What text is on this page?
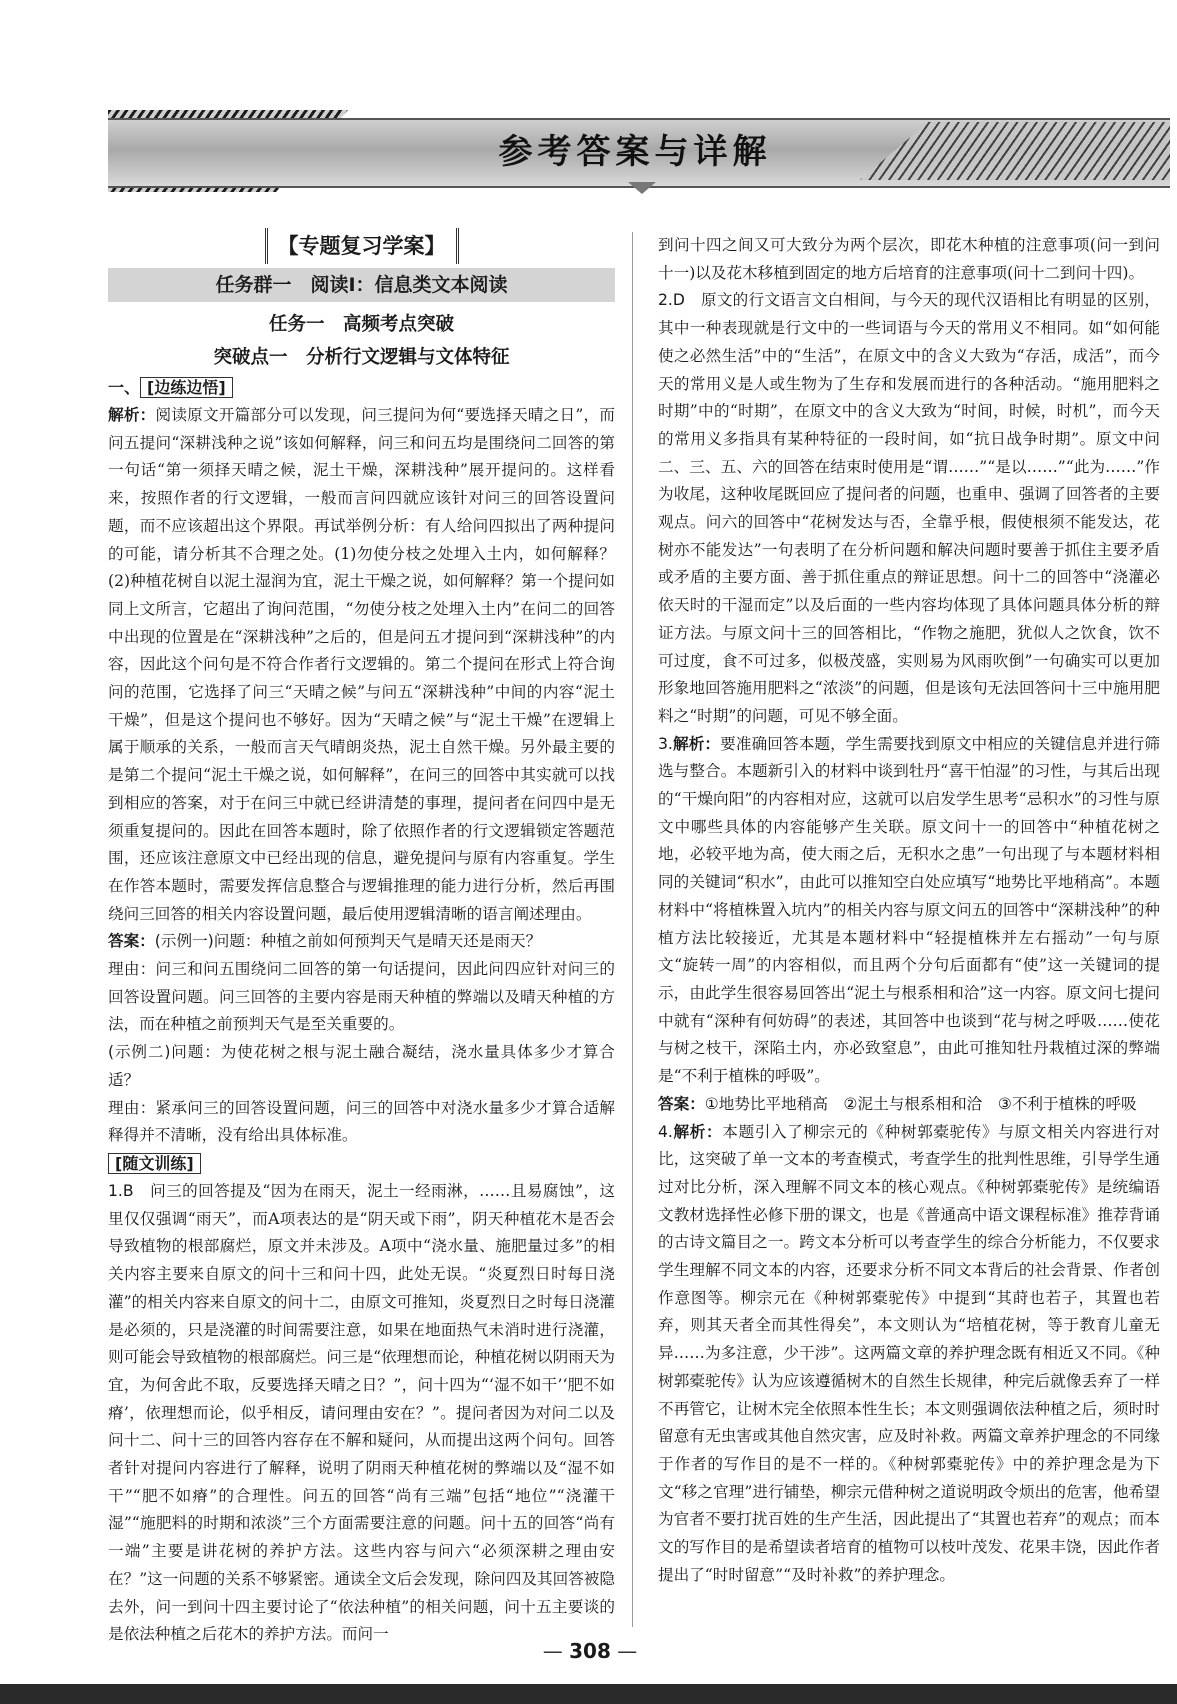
参考答案与详解
【专题复习学案】
任务群一　阅读Ⅰ：信息类文本阅读
任务一　高频考点突破
突破点一　分析行文逻辑与文体特征
一、 [边练边悟]

解析：阅读原文开篇部分可以发现，问三提问为何“要选择天晴之日”，而问五提问“深耕浅种之说”该如何解释，问三和问五均是围绕问二回答的第一句话“第一须择天晴之候，泥土干燥，深耕浅种”展开提问的。这样看来，按照作者的行文逻辑，一般而言问四就应该针对问三的回答设置问题，而不应该超出这个界限。再试举例分析：有人给问四拟出了两种提问的可能，请分析其不合理之处。(1)勿使分枝之处埋入土内，如何解释？(2)种植花树自以泥土湿润为宜，泥土干燥之说，如何解释？第一个提问如同上文所言，它超出了询问范围，“勿使分枝之处埋入土内”在问二的回答中出现的位置是在“深耕浅种”之后的，但是问五才提问到“深耕浅种”的内容，因此这个问句是不符合作者行文逻辑的。第二个提问在形式上符合询问的范围，它选择了问三“天晴之候”与问五“深耕浅种”中间的内容“泥土干燥”，但是这个提问也不够好。因为“天晴之候”与“泥土干燥”在逻辑上属于顺承的关系，一般而言天气晴朗炎热，泥土自然干燥。另外最主要的是第二个提问“泥土干燥之说，如何解释”，在问三的回答中其实就可以找到相应的答案，对于在问三中就已经讲清楚的事理，提问者在问四中是无须重复提问的。因此在回答本题时，除了依照作者的行文逻辑锁定答题范围，还应该注意原文中已经出现的信息，避免提问与原有内容重复。学生在作答本题时，需要发挥信息整合与逻辑推理的能力进行分析，然后再围绕问三回答的相关内容设置问题，最后使用逻辑清晰的语言阐述理由。

答案：(示例一)问题：种植之前如何预判天气是晴天还是雨天？

理由：问三和问五围绕问二回答的第一句话提问，因此问四应针对问三的回答设置问题。问三回答的主要内容是雨天种植的弊端以及晴天种植的方法，而在种植之前预判天气是至关重要的。

(示例二)问题：为使花树之根与泥土融合凝结，浇水量具体多少才算合适？

理由：紧承问三的回答设置问题，问三的回答中对浇水量多少才算合适解释得并不清晰，没有给出具体标准。

[随文训练]

1.B　 问三的回答提及“因为在雨天，泥土一经雨淋，……且易腐蚀”，这里仅仅强调“雨天”，而A项表达的是“阴天或下雨”，阴天种植花木是否会导致植物的根部腐烂，原文并未涉及。A项中“浇水量、施肥量过多”的相关内容主要来自原文的问十三和问十四，此处无误。“炎夏烈日时每日浇灌”的相关内容来自原文的问十二，由原文可推知，炎夏烈日之时每日浇灌是必须的，只是浇灌的时间需要注意，如果在地面热气未消时进行浇灌，则可能会导致植物的根部腐烂。问三是“依理想而论，种植花树以阴雨天为宜，为何舍此不取，反要选择天晴之日？”，问十四为“‘湿不如干’‘肥不如瘠’，依理想而论，似乎相反，请问理由安在？”。提问者因为对问二以及问十二、问十三的回答内容存在不解和疑问，从而提出这两个问句。回答者针对提问内容进行了解释，说明了阴雨天种植花树的弊端以及“湿不如干”“肥不如瘠”的合理性。问五的回答“尚有三端”包括“地位”“浇灌干湿”“施肥料的时期和浓淡”三个方面需要注意的问题。问十五的回答“尚有一端”主要是讲花树的养护方法。这些内容与问六“必须深耕之理由安在？”这一问题的关系不够紧密。通读全文后会发现，除问四及其回答被隐去外，问一到问十四主要讨论了“依法种植”的相关问题，问十五主要谈的是依法种植之后花木的养护方法。而问一

到问十四之间又可大致分为两个层次，即花木种植的注意事项(问一到问十一)以及花木移植到固定的地方后培育的注意事项(问十二到问十四)。

2.D　 原文的行文语言文白相间，与今天的现代汉语相比有明显的区别，其中一种表现就是行文中的一些词语与今天的常用义不相同。如“如何能使之必然生活”中的“生活”，在原文中的含义大致为“存活，成活”，而今天的常用义是人或生物为了生存和发展而进行的各种活动。“施用肥料之时期”中的“时期”，在原文中的含义大致为“时间，时候，时机”，而今天的常用义多指具有某种特征的一段时间，如“抗日战争时期”。原文中问二、三、五、六的回答在结束时使用是“谓……”“是以……”“此为……”作为收尾，这种收尾既回应了提问者的问题，也重申、强调了回答者的主要观点。问六的回答中“花树发达与否，全靠乎根，假使根须不能发达，花树亦不能发达”一句表明了在分析问题和解决问题时要善于抓住主要矛盾或矛盾的主要方面、善于抓住重点的辩证思想。问十二的回答中“浇灌必依天时的干湿而定”以及后面的一些内容均体现了具体问题具体分析的辩证方法。与原文问十三的回答相比，“作物之施肥，犹似人之饮食，饮不可过度，食不可过多，似极茂盛，实则易为风雨吹倒”一句确实可以更加形象地回答施用肥料之“浓淡”的问题，但是该句无法回答问十三中施用肥料之“时期”的问题，可见不够全面。

3.解析：要准确回答本题，学生需要找到原文中相应的关键信息并进行筛选与整合。本题新引入的材料中谈到牡丹“喜干怕湿”的习性，与其后出现的“干燥向阳”的内容相对应，这就可以启发学生思考“忌积水”的习性与原文中哪些具体的内容能够产生关联。原文问十一的回答中“种植花树之地，必较平地为高，使大雨之后，无积水之患”一句出现了与本题材料相同的关键词“积水”，由此可以推知空白处应填写“地势比平地稍高”。本题材料中“将植株置入坑内”的相关内容与原文问五的回答中“深耕浅种”的种植方法比较接近，尤其是本题材料中“轻提植株并左右摇动”一句与原文“旋转一周”的内容相似，而且两个分句后面都有“使”这一关键词的提示，由此学生很容易回答出“泥土与根系相和洽”这一内容。原文问七提问中就有“深种有何妨碍”的表述，其回答中也谈到“花与树之呼吸……使花与树之枝干，深陷土内，亦必致窒息”，由此可推知牡丹栽植过深的弊端是“不利于植株的呼吸”。

答案：①地势比平地稍高　②泥土与根系相和洽　③不利于植株的呼吸

4.解析：本题引入了柳宗元的《种树郭橐驼传》与原文相关内容进行对比，这突破了单一文本的考查模式，考查学生的批判性思维，引导学生通过对比分析，深入理解不同文本的核心观点。《种树郭橐驼传》是统编语文教材选择性必修下册的课文，也是《普通高中语文课程标准》推荐背诵的古诗文篇目之一。跨文本分析可以考查学生的综合分析能力，不仅要求学生理解不同文本的内容，还要求分析不同文本背后的社会背景、作者创作意图等。柳宗元在《种树郭橐驼传》中提到“其莳也若子，其置也若弃，则其天者全而其性得矣”，本文则认为“培植花树，等于教育儿童无异……为多注意，少干涉”。这两篇文章的养护理念既有相近又不同。《种树郭橐驼传》认为应该遵循树木的自然生长规律，种完后就像丢弃了一样不再管它，让树木完全依照本性生长；本文则强调依法种植之后，须时时留意有无虫害或其他自然灾害，应及时补救。两篇文章养护理念的不同缘于作者的写作目的是不一样的。《种树郭橐驼传》中的养护理念是为下文“移之官理”进行铺垫，柳宗元借种树之道说明政令烦出的危害，他希望为官者不要打扰百姓的生产生活，因此提出了“其置也若弃”的观点；而本文的写作目的是希望读者培育的植物可以枝叶茂发、花果丰饶，因此作者提出了“时时留意”“及时补救”的养护理念。

— 308 —
